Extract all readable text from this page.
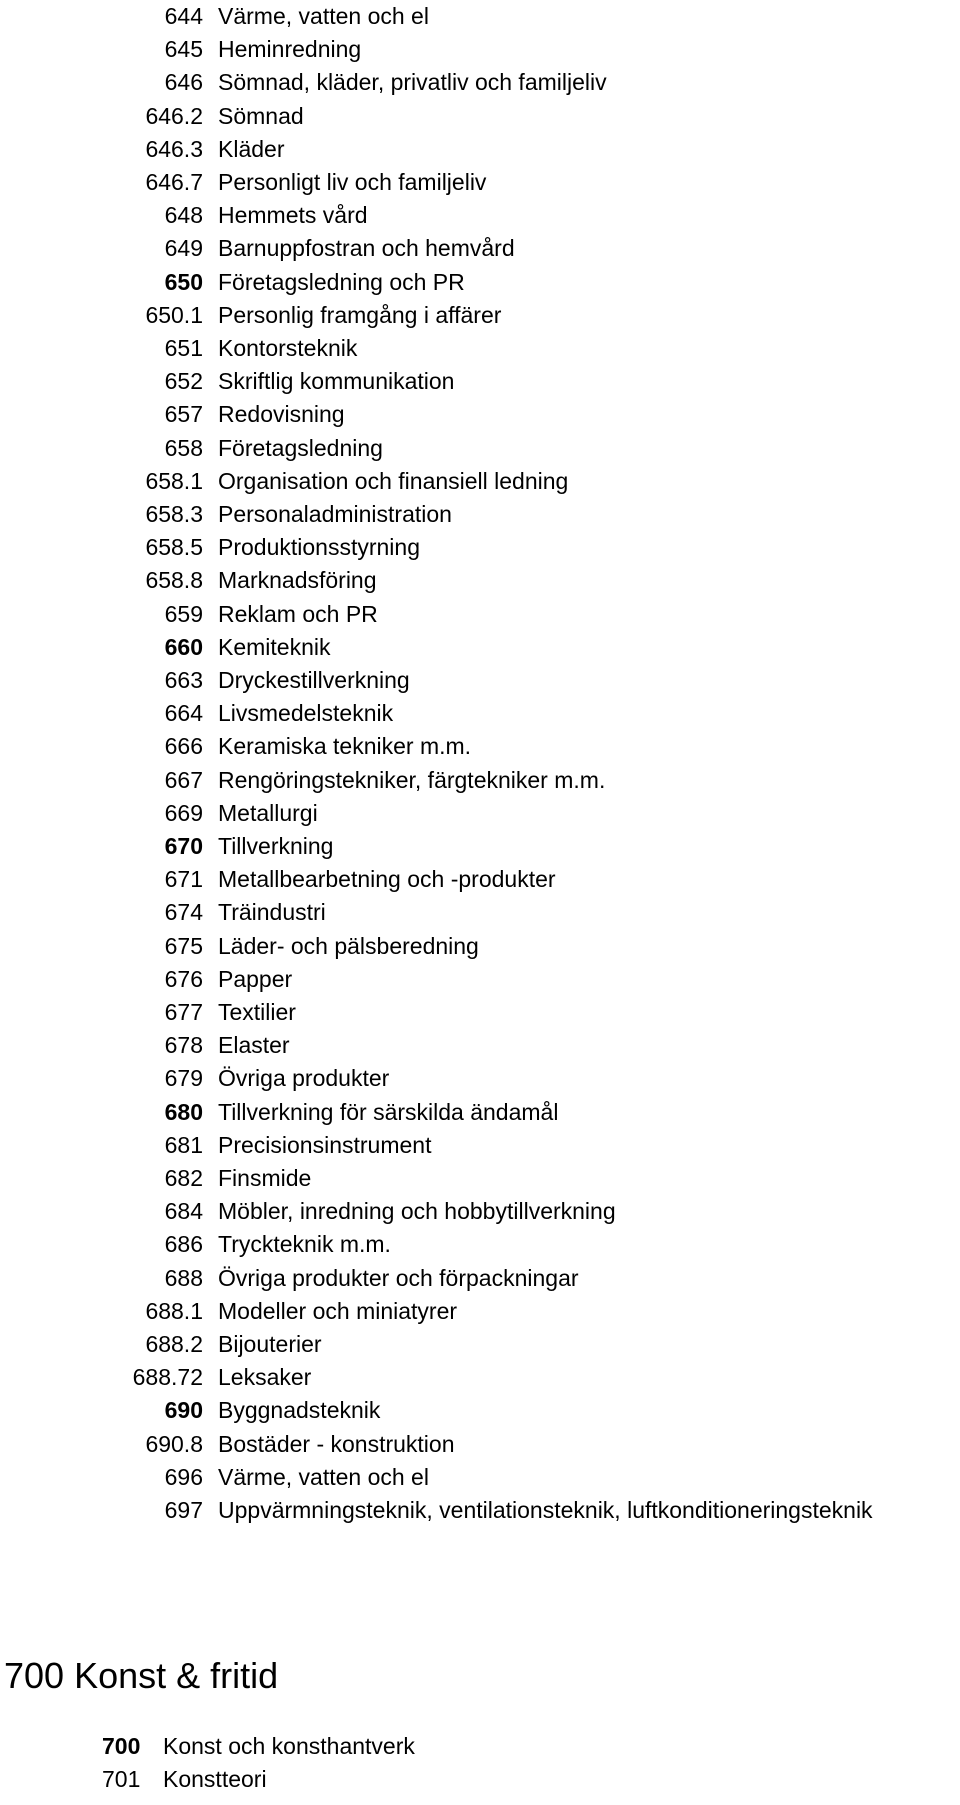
644 Värme, vatten och el
645 Heminredning
646 Sömnad, kläder, privatliv och familjeliv
646.2 Sömnad
646.3 Kläder
646.7 Personligt liv och familjeliv
648 Hemmets vård
649 Barnuppfostran och hemvård
650 Företagsledning och PR
650.1 Personlig framgång i affärer
651 Kontorsteknik
652 Skriftlig kommunikation
657 Redovisning
658 Företagsledning
658.1 Organisation och finansiell ledning
658.3 Personaladministration
658.5 Produktionsstyrning
658.8 Marknadsföring
659 Reklam och PR
660 Kemiteknik
663 Dryckestillverkning
664 Livsmedelsteknik
666 Keramiska tekniker m.m.
667 Rengöringstekniker, färgtekniker m.m.
669 Metallurgi
670 Tillverkning
671 Metallbearbetning och -produkter
674 Träindustri
675 Läder- och pälsberedning
676 Papper
677 Textilier
678 Elaster
679 Övriga produkter
680 Tillverkning för särskilda ändamål
681 Precisionsinstrument
682 Finsmide
684 Möbler, inredning och hobbytillverkning
686 Tryckteknik m.m.
688 Övriga produkter och förpackningar
688.1 Modeller och miniatyrer
688.2 Bijouterier
688.72 Leksaker
690 Byggnadsteknik
690.8 Bostäder - konstruktion
696 Värme, vatten och el
697 Uppvärmningsteknik, ventilationsteknik, luftkonditioneringsteknik
700 Konst & fritid
700 Konst och konsthantverk
701 Konstteori
